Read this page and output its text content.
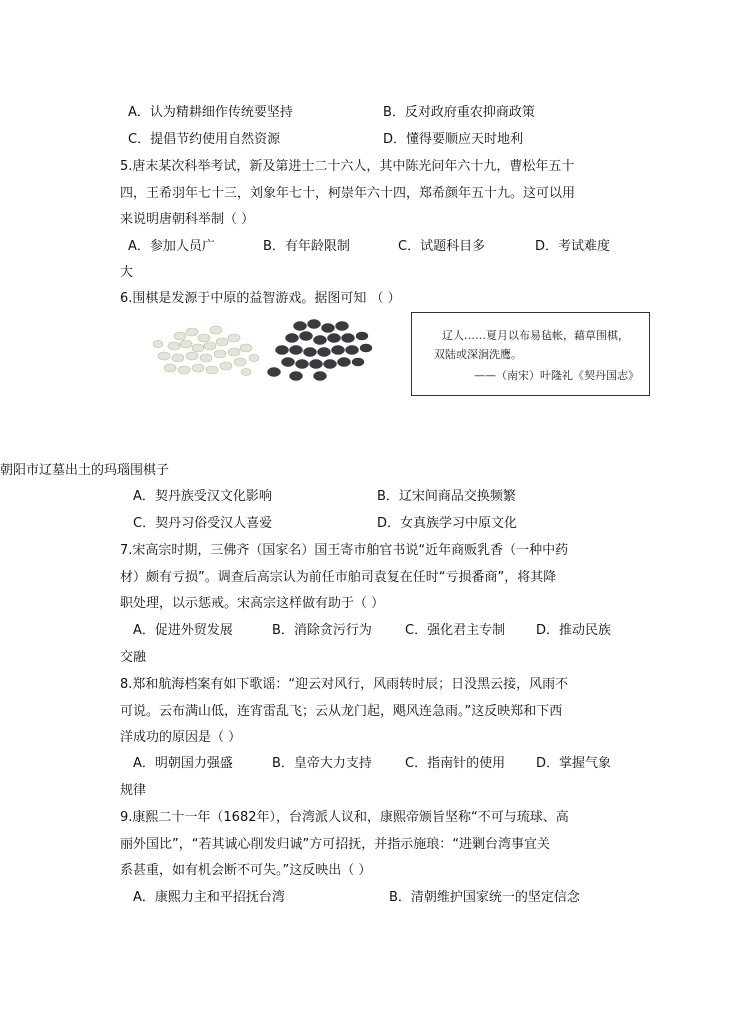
A．认为精耕细作传统要坚持	B．反对政府重农抑商政策
C．提倡节约使用自然资源	D．懂得要顺应天时地利
5.唐末某次科举考试，新及第进士二十六人，其中陈光问年六十九，曹松年五十
四，王希羽年七十三，刘象年七十，柯崇年六十四，郑希颜年五十九。这可以用
来说明唐朝科举制（ ）
A．参加人员广	B．有年龄限制	C．试题科目多	D．考试难度
大
6.围棋是发源于中原的益智游戏。据图可知 （ ）
辽人……夏月以布易毡帐，藉草围棋，
双陆或深涧洗鹰。
——（南宋）叶隆礼《契丹国志》
朝阳市辽墓出土的玛瑙围棋子
A．契丹族受汉文化影响	B．辽宋间商品交换频繁
C．契丹习俗受汉人喜爱	D．女真族学习中原文化
7.宋高宗时期，三佛齐（国家名）国王寄市舶官书说“近年商贩乳香（一种中药
材）颇有亏损”。调查后高宗认为前任市舶司袁复在任时“亏损番商”，将其降
职处理，以示惩戒。宋高宗这样做有助于（ ）
A．促进外贸发展	B．消除贪污行为	C．强化君主专制 D．推动民族
交融
8.郑和航海档案有如下歌谣：“迎云对风行，风雨转时辰；日没黑云接，风雨不
可说。云布满山低，连宵雷乱飞；云从龙门起，飓风连急雨。”这反映郑和下西
洋成功的原因是（ ）
A．明朝国力强盛	B．皇帝大力支持	C．指南针的使用 D．掌握气象
规律
9.康熙二十一年（1682年），台湾派人议和，康熙帝颁旨坚称“不可与琉球、高
丽外国比”，“若其诚心削发归诚”方可招抚，并指示施琅：“进剿台湾事宜关
系甚重，如有机会断不可失。”这反映出（ ）
A．康熙力主和平招抚台湾	B．清朝维护国家统一的坚定信念
